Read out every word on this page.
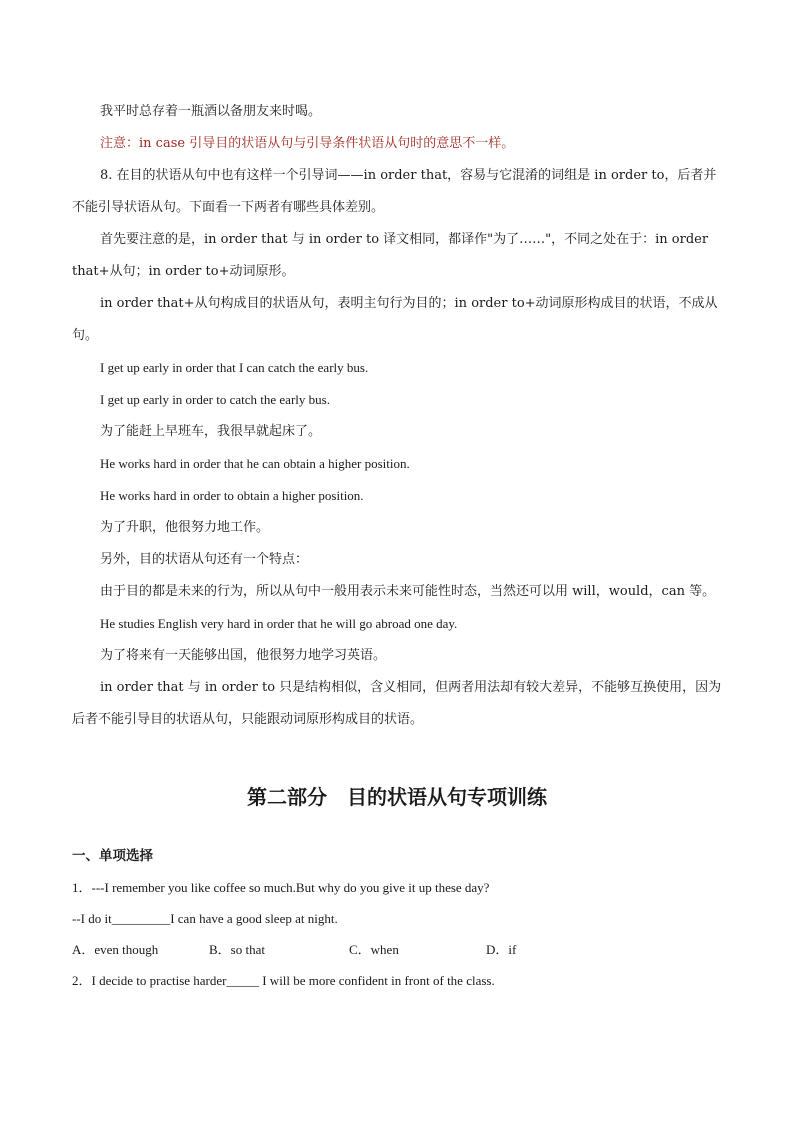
我平时总存着一瓶酒以备朋友来时喝。

注意：in case 引导目的状语从句与引导条件状语从句时的意思不一样。

8. 在目的状语从句中也有这样一个引导词——in order that，容易与它混淆的词组是 in order to，后者并不能引导状语从句。下面看一下两者有哪些具体差别。

首先要注意的是，in order that 与 in order to 译文相同，都译作"为了……"，不同之处在于：in order that+从句；in order to+动词原形。

in order that+从句构成目的状语从句，表明主句行为目的；in order to+动词原形构成目的状语，不成从句。

I get up early in order that I can catch the early bus.

I get up early in order to catch the early bus.

为了能赶上早班车，我很早就起床了。

He works hard in order that he can obtain a higher position.

He works hard in order to obtain a higher position.

为了升职，他很努力地工作。

另外，目的状语从句还有一个特点：

由于目的都是未来的行为，所以从句中一般用表示未来可能性时态，当然还可以用 will，would，can 等。

He studies English very hard in order that he will go abroad one day.

为了将来有一天能够出国，他很努力地学习英语。

in order that 与 in order to 只是结构相似，含义相同，但两者用法却有较大差异，不能够互换使用，因为后者不能引导目的状语从句，只能跟动词原形构成目的状语。

第二部分　目的状语从句专项训练

一、单项选择

1．---I remember you like coffee so much.But why do you give it up these day?

--I do it_________I can have a good sleep at night.

A．even though	B．so that	C．when	D．if

2．I decide to practise harder_____ I will be more confident in front of the class.
